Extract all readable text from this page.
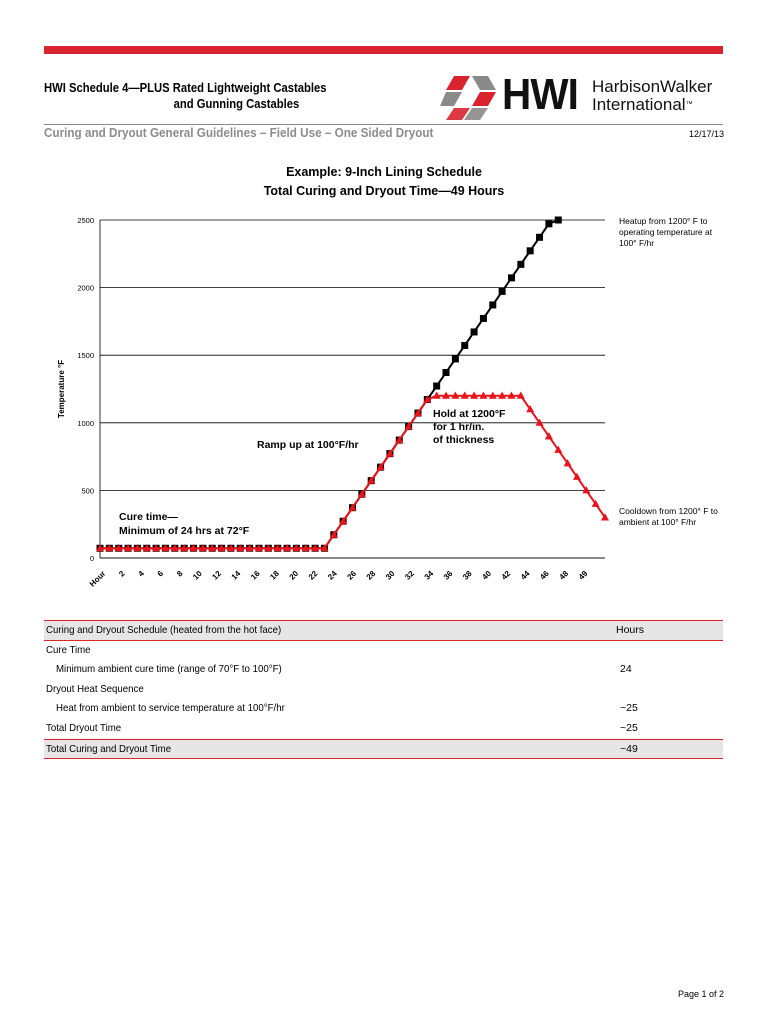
HWI Schedule 4—PLUS Rated Lightweight Castables
and Gunning Castables	HWI HarbisonWalker
International™
Curing and Dryout General Guidelines – Field Use – One Sided Dryout	12/17/13
Example: 9-Inch Lining Schedule
Total Curing and Dryout Time—49 Hours
0
500
1000
1500
2000
2500
Hour 2 4 6 8 10 12 14 16 18 20 22 24 26 28 30 32 34 36 38 40 42 44 46 48 49
Temperature °F
Heatup from 1200° F to operating temperature at 100° F/hr
Cooldown from 1200° F to ambient at 100° F/hr
Hold at 1200°F for 1 hr/in. of thickness
Ramp up at 100°F/hr
Cure time— Minimum of 24 hrs at 72°F
Curing and Dryout Schedule (heated from the hot face)	Hours
Cure Time
Minimum ambient cure time (range of 70°F to 100°F)	24
Dryout Heat Sequence
Heat from ambient to service temperature at 100°F/hr	~25
Total Dryout Time	~25
Total Curing and Dryout Time	~49
Page 1 of 2
